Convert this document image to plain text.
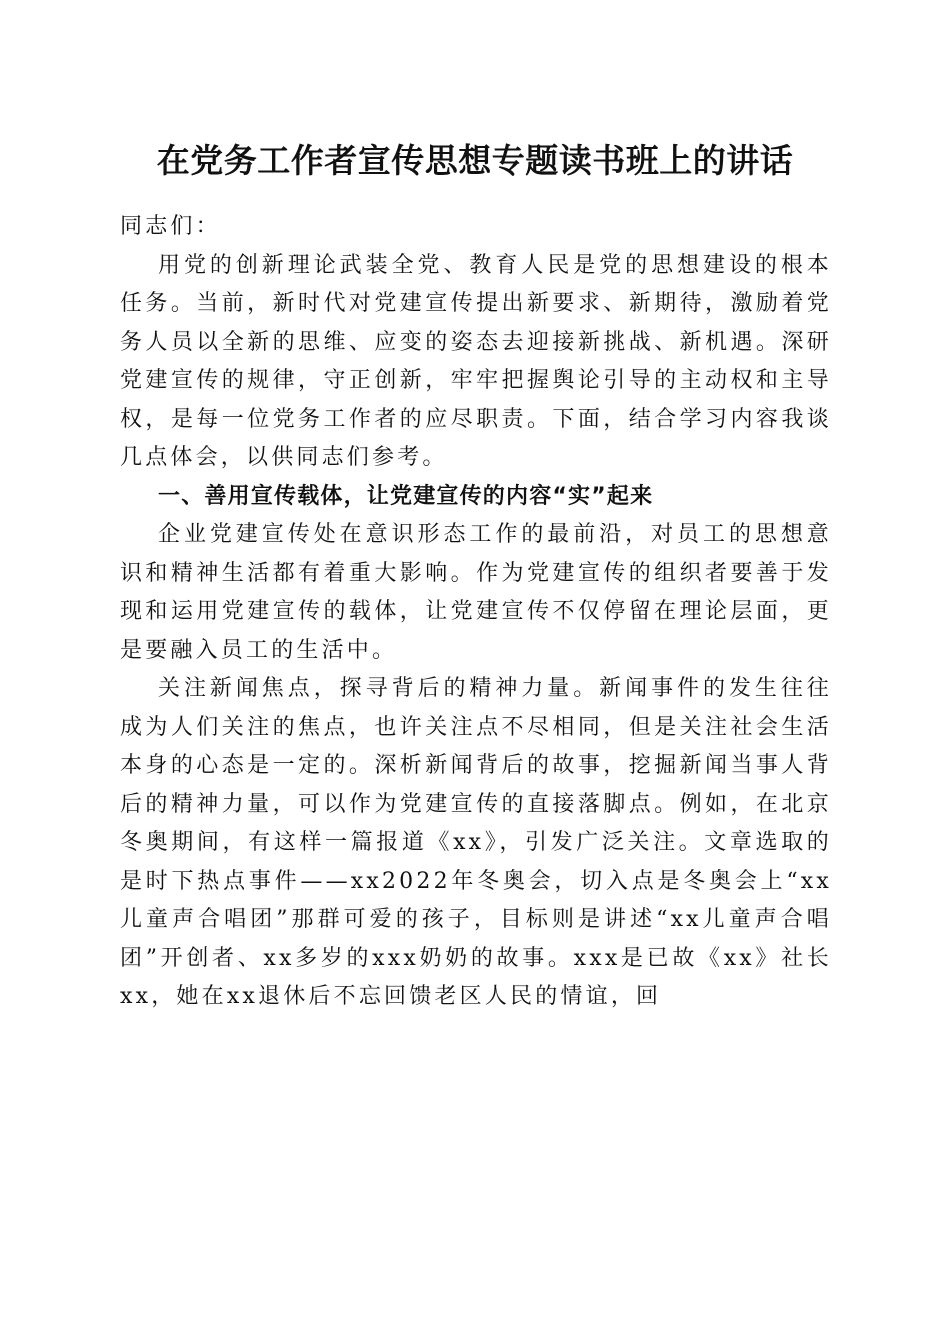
在党务工作者宣传思想专题读书班上的讲话

同志们：

用党的创新理论武装全党、教育人民是党的思想建设的根本任务。当前，新时代对党建宣传提出新要求、新期待，激励着党务人员以全新的思维、应变的姿态去迎接新挑战、新机遇。深研党建宣传的规律，守正创新，牢牢把握舆论引导的主动权和主导权，是每一位党务工作者的应尽职责。下面，结合学习内容我谈几点体会，以供同志们参考。

一、善用宣传载体，让党建宣传的内容“实”起来

企业党建宣传处在意识形态工作的最前沿，对员工的思想意识和精神生活都有着重大影响。作为党建宣传的组织者要善于发现和运用党建宣传的载体，让党建宣传不仅停留在理论层面，更是要融入员工的生活中。

关注新闻焦点，探寻背后的精神力量。新闻事件的发生往往成为人们关注的焦点，也许关注点不尽相同，但是关注社会生活本身的心态是一定的。深析新闻背后的故事，挖掘新闻当事人背后的精神力量，可以作为党建宣传的直接落脚点。例如，在北京冬奥期间，有这样一篇报道《xx》，引发广泛关注。文章选取的是时下热点事件——xx2022年冬奥会，切入点是冬奥会上“xx儿童声合唱团”那群可爱的孩子，目标则是讲述“xx儿童声合唱团”开创者、xx多岁的xxx奶奶的故事。xxx是已故《xx》社长xx，她在xx退休后不忘回馈老区人民的情谊，回
